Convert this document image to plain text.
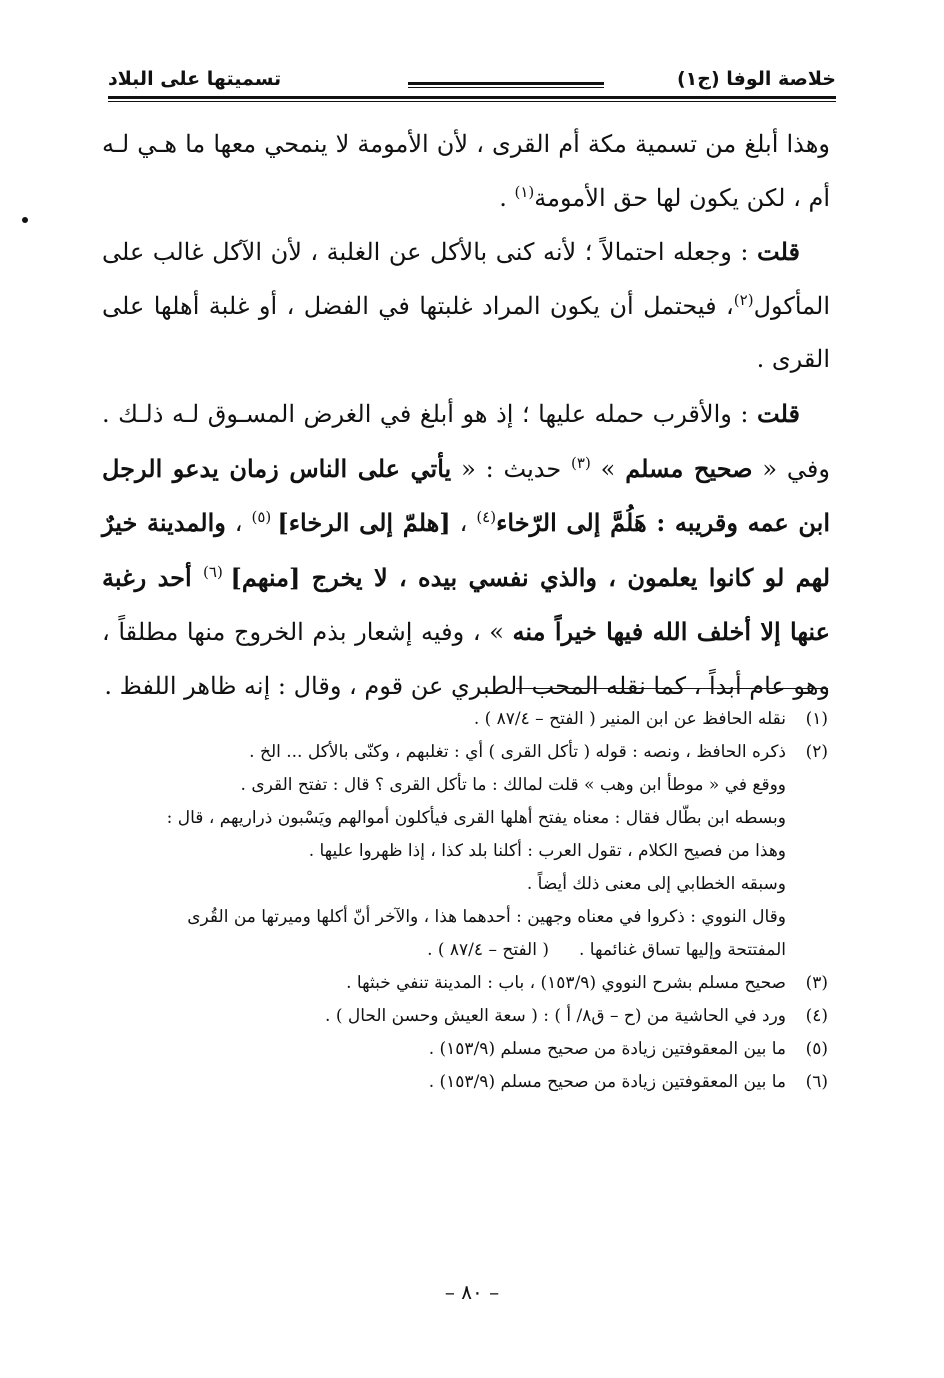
خلاصة الوفا (ج١)
تسميتها على البلاد

وهذا أبلغ من تسمية مكة أم القرى ، لأن الأمومة لا ينمحي معها ما هـي لـه أم ، لكن يكون لها حق الأمومة$^{(١)}$ .

قلت : وجعله احتمالاً ؛ لأنه كنى بالأكل عن الغلبة ، لأن الآكل غالب على المأكول$^{(٢)}$، فيحتمل أن يكون المراد غلبتها في الفضل ، أو غلبة أهلها على القرى .

قلت : والأقرب حمله عليها ؛ إذ هو أبلغ في الغرض المسـوق لـه ذلـك . وفي « صحيح مسلم » $^{(٣)}$ حديث : « يأتي على الناس زمان يدعو الرجل ابن عمه وقريبه : هَلُمَّ إلى الرّخاء$^{(٤)}$ ، [هلمّ إلى الرخاء] $^{(٥)}$ ، والمدينة خيرٌ لهم لو كانوا يعلمون ، والذي نفسي بيده ، لا يخرج [منهم] $^{(٦)}$ أحد رغبة عنها إلا أخلف الله فيها خيراً منه » ، وفيه إشعار بذم الخروج منها مطلقاً ، وهو عام أبداً ، كما نقله المحب الطبري عن قوم ، وقال : إنه ظاهر اللفظ .

(١)
نقله الحافظ عن ابن المنير ( الفتح – ٨٧/٤ ) .
(٢)
ذكره الحافظ ، ونصه : قوله ( تأكل القرى ) أي : تغلبهم ، وكنّى بالأكل ... الخ .

ووقع في « موطأ ابن وهب » قلت لمالك : ما تأكل القرى ؟ قال : تفتح القرى .

وبسطه ابن بطّال فقال : معناه يفتح أهلها القرى فيأكلون أموالهم ويَسْبون ذراريهم ، قال :

وهذا من فصيح الكلام ، تقول العرب : أكلنا بلد كذا ، إذا ظهروا عليها .

وسبقه الخطابي إلى معنى ذلك أيضاً .

وقال النووي : ذكروا في معناه وجهين : أحدهما هذا ، والآخر أنّ أكلها وميرتها من القُرى

المفتتحة وإليها تساق غنائمها .( الفتح – ٨٧/٤ ) .

(٣)
صحيح مسلم بشرح النووي (١٥٣/٩) ، باب : المدينة تنفي خبثها .
(٤)
ورد في الحاشية من (ح – ق٨/ أ ) : ( سعة العيش وحسن الحال ) .
(٥)
ما بين المعقوفتين زيادة من صحيح مسلم (١٥٣/٩) .
(٦)
ما بين المعقوفتين زيادة من صحيح مسلم (١٥٣/٩) .
– ٨٠ –
